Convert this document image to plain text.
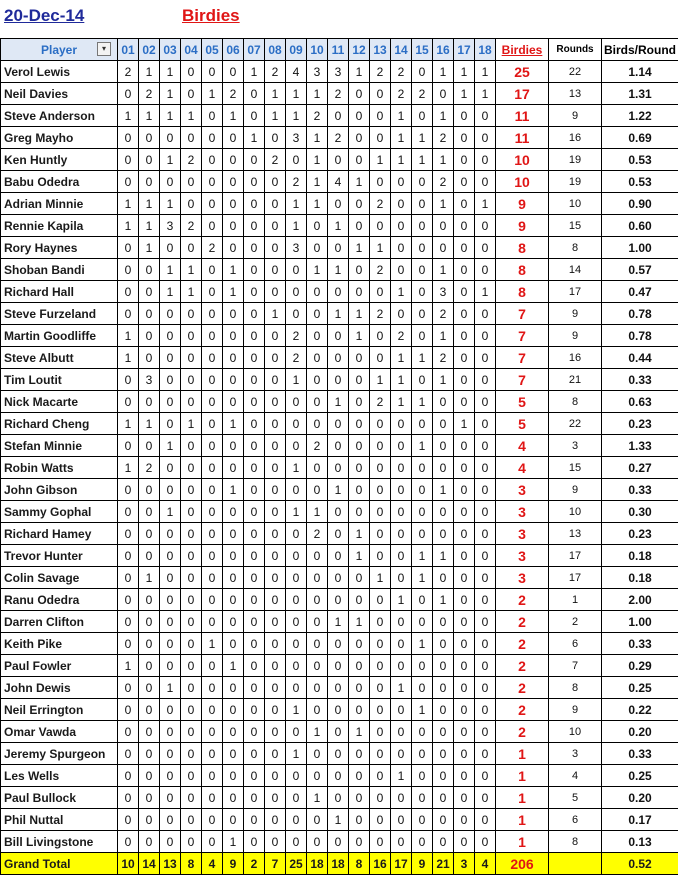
20-Dec-14	Birdies
Player ▾	01	02	03	04	05	06	07	08	09	10	11	12	13	14	15	16	17	18	Birdies	Rounds	Birds/Round
Verol Lewis	2	1	1	0	0	0	1	2	4	3	3	1	2	2	0	1	1	1	25	22	1.14
Neil Davies	0	2	1	0	1	2	0	1	1	1	2	0	0	2	2	0	1	1	17	13	1.31
Steve Anderson	1	1	1	1	0	1	0	1	1	2	0	0	0	1	0	1	0	0	11	9	1.22
Greg Mayho	0	0	0	0	0	0	1	0	3	1	2	0	0	1	1	2	0	0	11	16	0.69
Ken Huntly	0	0	1	2	0	0	0	2	0	1	0	0	1	1	1	1	0	0	10	19	0.53
Babu Odedra	0	0	0	0	0	0	0	0	2	1	4	1	0	0	0	2	0	0	10	19	0.53
Adrian Minnie	1	1	1	0	0	0	0	0	1	1	0	0	2	0	0	1	0	1	9	10	0.90
Rennie Kapila	1	1	3	2	0	0	0	0	1	0	1	0	0	0	0	0	0	0	9	15	0.60
Rory Haynes	0	1	0	0	2	0	0	0	3	0	0	1	1	0	0	0	0	0	8	8	1.00
Shoban Bandi	0	0	1	1	0	1	0	0	0	1	1	0	2	0	0	1	0	0	8	14	0.57
Richard Hall	0	0	1	1	0	1	0	0	0	0	0	0	0	1	0	3	0	1	8	17	0.47
Steve Furzeland	0	0	0	0	0	0	0	1	0	0	1	1	2	0	0	2	0	0	7	9	0.78
Martin Goodliffe	1	0	0	0	0	0	0	0	2	0	0	1	0	2	0	1	0	0	7	9	0.78
Steve Albutt	1	0	0	0	0	0	0	0	2	0	0	0	0	1	1	2	0	0	7	16	0.44
Tim Loutit	0	3	0	0	0	0	0	0	1	0	0	0	1	1	0	1	0	0	7	21	0.33
Nick Macarte	0	0	0	0	0	0	0	0	0	0	1	0	2	1	1	0	0	0	5	8	0.63
Richard Cheng	1	1	0	1	0	1	0	0	0	0	0	0	0	0	0	0	1	0	5	22	0.23
Stefan Minnie	0	0	1	0	0	0	0	0	0	2	0	0	0	0	1	0	0	0	4	3	1.33
Robin Watts	1	2	0	0	0	0	0	0	1	0	0	0	0	0	0	0	0	0	4	15	0.27
John Gibson	0	0	0	0	0	1	0	0	0	0	1	0	0	0	0	1	0	0	3	9	0.33
Sammy Gophal	0	0	1	0	0	0	0	0	1	1	0	0	0	0	0	0	0	0	3	10	0.30
Richard Hamey	0	0	0	0	0	0	0	0	0	2	0	1	0	0	0	0	0	0	3	13	0.23
Trevor Hunter	0	0	0	0	0	0	0	0	0	0	0	1	0	0	1	1	0	0	3	17	0.18
Colin Savage	0	1	0	0	0	0	0	0	0	0	0	0	1	0	1	0	0	0	3	17	0.18
Ranu Odedra	0	0	0	0	0	0	0	0	0	0	0	0	0	1	0	1	0	0	2	1	2.00
Darren Clifton	0	0	0	0	0	0	0	0	0	0	1	1	0	0	0	0	0	0	2	2	1.00
Keith Pike	0	0	0	0	1	0	0	0	0	0	0	0	0	0	1	0	0	0	2	6	0.33
Paul Fowler	1	0	0	0	0	1	0	0	0	0	0	0	0	0	0	0	0	0	2	7	0.29
John Dewis	0	0	1	0	0	0	0	0	0	0	0	0	0	1	0	0	0	0	2	8	0.25
Neil Errington	0	0	0	0	0	0	0	0	1	0	0	0	0	0	1	0	0	0	2	9	0.22
Omar Vawda	0	0	0	0	0	0	0	0	0	1	0	1	0	0	0	0	0	0	2	10	0.20
Jeremy Spurgeon	0	0	0	0	0	0	0	0	1	0	0	0	0	0	0	0	0	0	1	3	0.33
Les Wells	0	0	0	0	0	0	0	0	0	0	0	0	0	1	0	0	0	0	1	4	0.25
Paul Bullock	0	0	0	0	0	0	0	0	0	1	0	0	0	0	0	0	0	0	1	5	0.20
Phil Nuttal	0	0	0	0	0	0	0	0	0	0	1	0	0	0	0	0	0	0	1	6	0.17
Bill Livingstone	0	0	0	0	0	1	0	0	0	0	0	0	0	0	0	0	0	0	1	8	0.13
Grand Total	10	14	13	8	4	9	2	7	25	18	18	8	16	17	9	21	3	4	206		0.52
